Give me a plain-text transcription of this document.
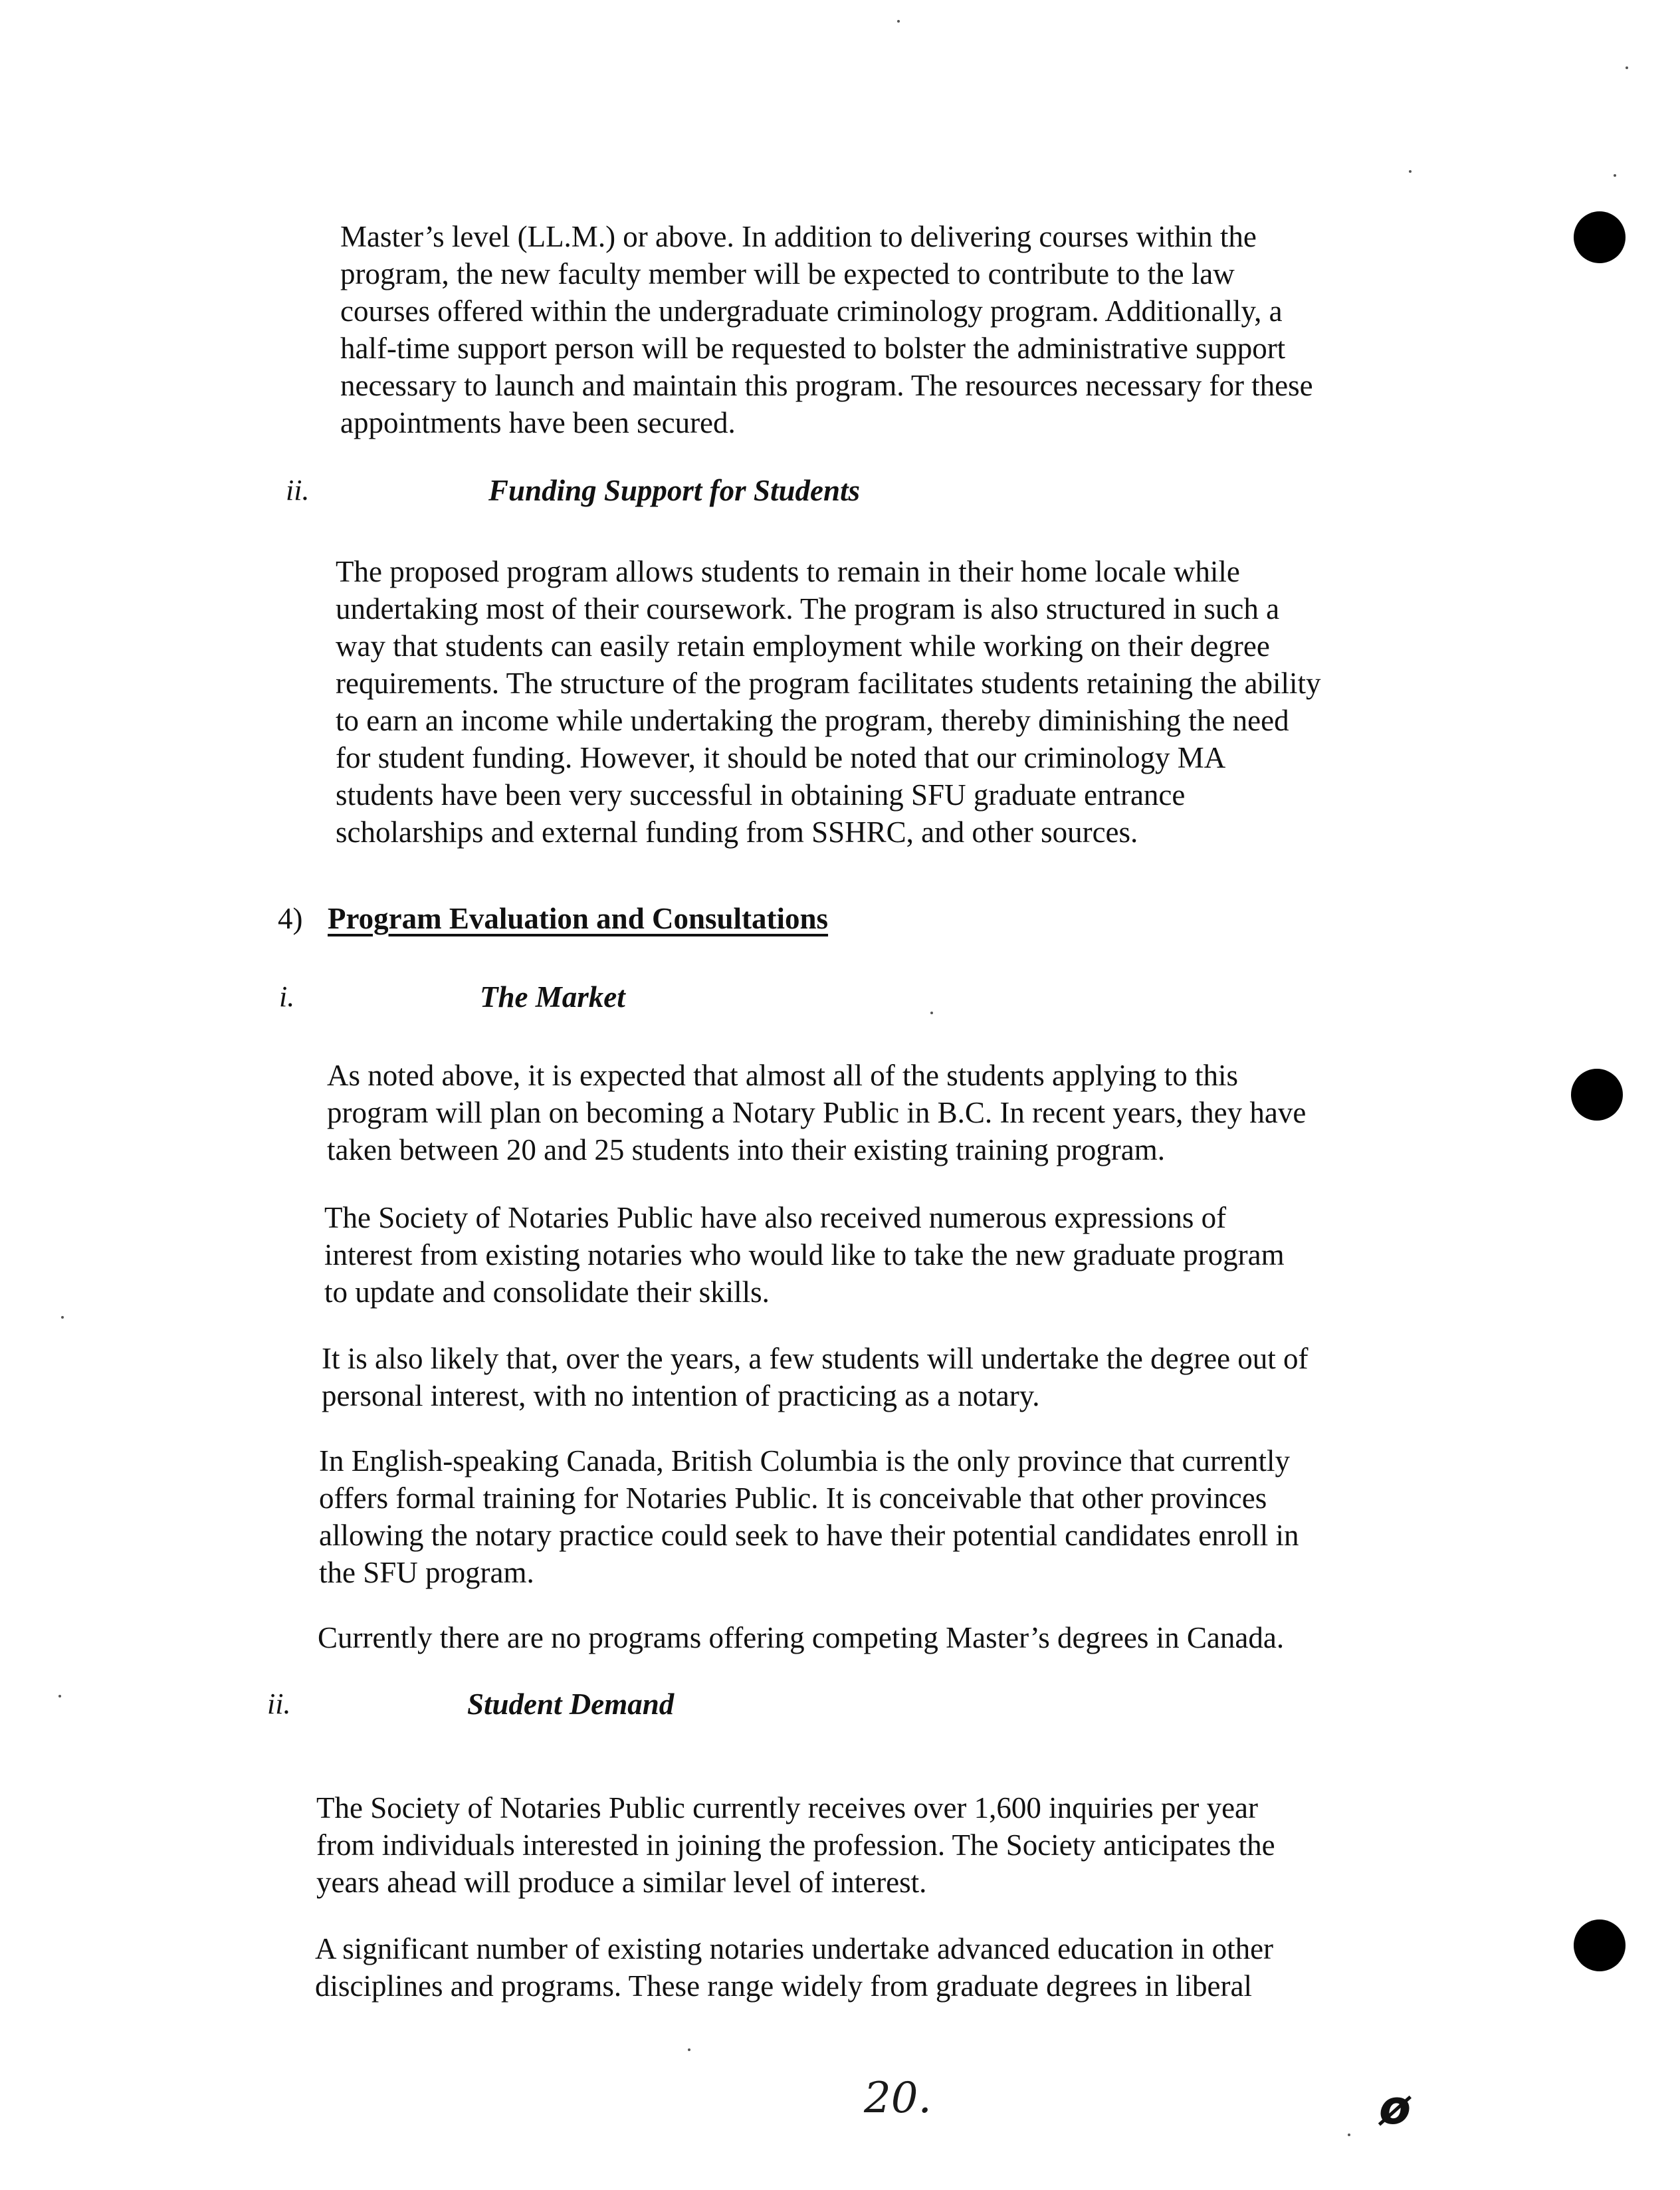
Master’s level (LL.M.) or above. In addition to delivering courses within the
program, the new faculty member will be expected to contribute to the law
courses offered within the undergraduate criminology program. Additionally, a
half-time support person will be requested to bolster the administrative support
necessary to launch and maintain this program. The resources necessary for these
appointments have been secured.

ii.	Funding Support for Students

The proposed program allows students to remain in their home locale while
undertaking most of their coursework. The program is also structured in such a
way that students can easily retain employment while working on their degree
requirements. The structure of the program facilitates students retaining the ability
to earn an income while undertaking the program, thereby diminishing the need
for student funding. However, it should be noted that our criminology MA
students have been very successful in obtaining SFU graduate entrance
scholarships and external funding from SSHRC, and other sources.

4) Program Evaluation and Consultations
i.	The Market

As noted above, it is expected that almost all of the students applying to this
program will plan on becoming a Notary Public in B.C. In recent years, they have
taken between 20 and 25 students into their existing training program.

The Society of Notaries Public have also received numerous expressions of
interest from existing notaries who would like to take the new graduate program
to update and consolidate their skills.

It is also likely that, over the years, a few students will undertake the degree out of
personal interest, with no intention of practicing as a notary.

In English-speaking Canada, British Columbia is the only province that currently
offers formal training for Notaries Public. It is conceivable that other provinces
allowing the notary practice could seek to have their potential candidates enroll in
the SFU program.

Currently there are no programs offering competing Master’s degrees in Canada.

ii.	Student Demand

The Society of Notaries Public currently receives over 1,600 inquiries per year
from individuals interested in joining the profession. The Society anticipates the
years ahead will produce a similar level of interest.

A significant number of existing notaries undertake advanced education in other
disciplines and programs. These range widely from graduate degrees in liberal

20.	ø
